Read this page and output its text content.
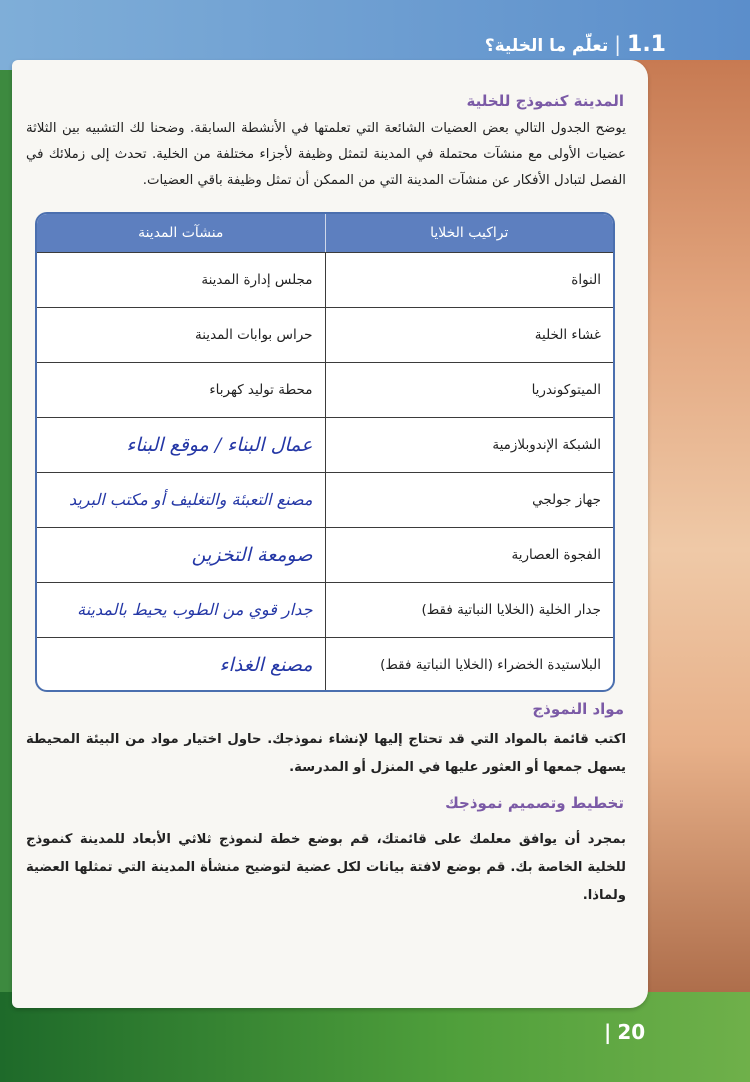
1.1
|
تعلّم ما الخلية؟
المدينة كنموذج للخلية
يوضح الجدول التالي بعض العضيات الشائعة التي تعلمتها في الأنشطة السابقة. وضحنا لك التشبيه بين الثلاثة عضيات الأولى مع منشآت محتملة في المدينة لتمثل وظيفة لأجزاء مختلفة من الخلية. تحدث إلى زملائك في الفصل لتبادل الأفكار عن منشآت المدينة التي من الممكن أن تمثل وظيفة باقي العضيات.
تراكيب الخلايا
منشآت المدينة
النواة
مجلس إدارة المدينة
غشاء الخلية
حراس بوابات المدينة
الميتوكوندريا
محطة توليد كهرباء
الشبكة الإندوبلازمية
عمال البناء / موقع البناء
جهاز جولجي
مصنع التعبئة والتغليف أو مكتب البريد
الفجوة العصارية
صومعة التخزين
جدار الخلية (الخلايا النباتية فقط)
جدار قوي من الطوب يحيط بالمدينة
البلاستيدة الخضراء (الخلايا النباتية فقط)
مصنع الغذاء
مواد النموذج
اكتب قائمة بالمواد التي قد تحتاج إليها لإنشاء نموذجك. حاول اختيار مواد من البيئة المحيطة يسهل جمعها أو العثور عليها في المنزل أو المدرسة.
تخطيط وتصميم نموذجك
بمجرد أن يوافق معلمك على قائمتك، قم بوضع خطة لنموذج ثلاثي الأبعاد للمدينة كنموذج للخلية الخاصة بك. قم بوضع لافتة بيانات لكل عضية لتوضيح منشأة المدينة التي تمثلها العضية ولماذا.
| 20
